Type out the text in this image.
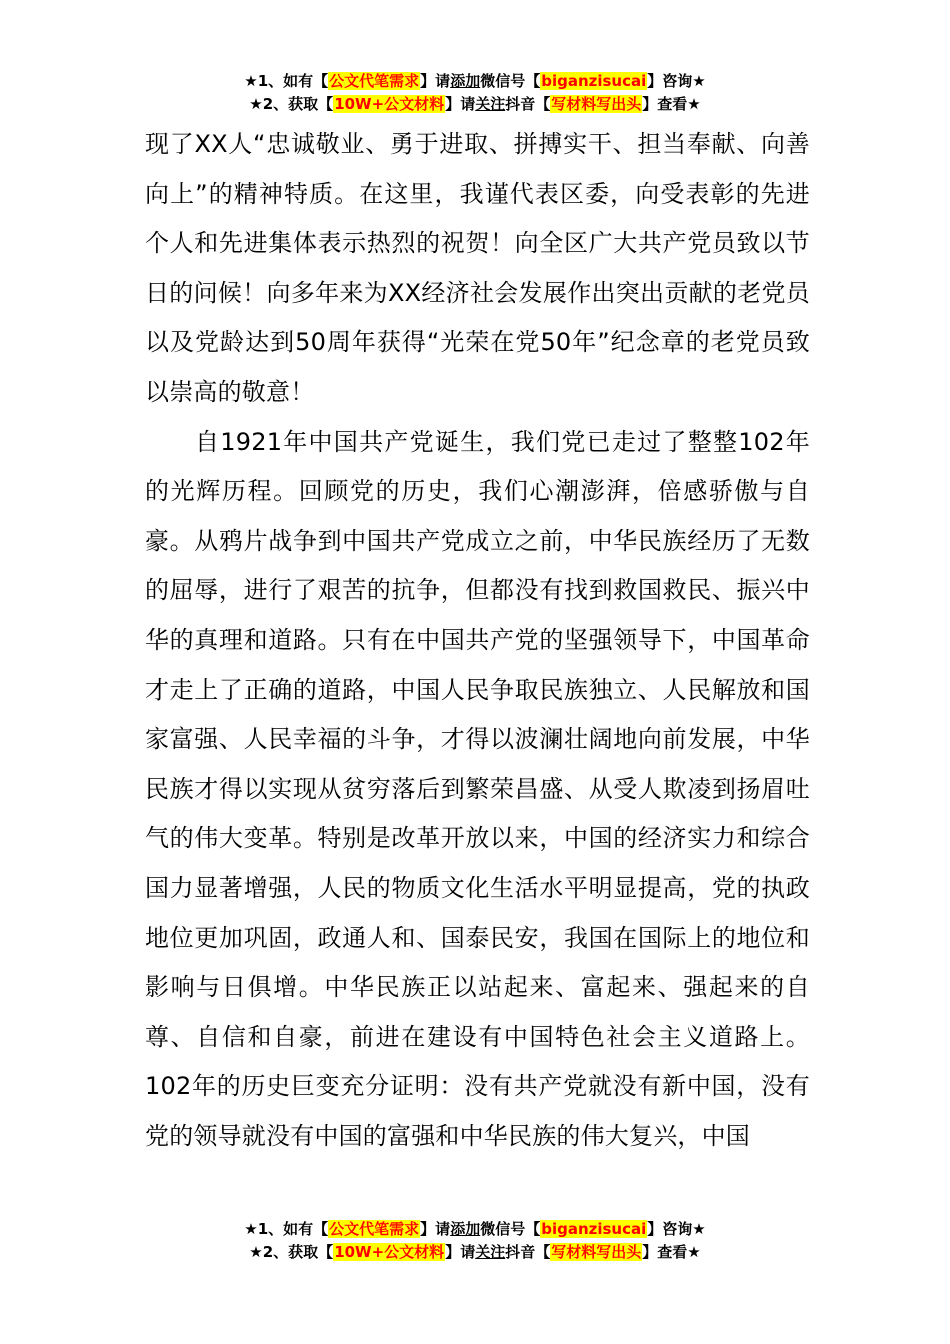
★1、如有【公文代笔需求】请添加微信号【biganzisucai】咨询★
★2、获取【10W+公文材料】请关注抖音【写材料写出头】查看★

现了XX人“忠诚敬业、勇于进取、拼搏实干、担当奉献、向善向上”的精神特质。在这里，我谨代表区委，向受表彰的先进个人和先进集体表示热烈的祝贺！向全区广大共产党员致以节日的问候！向多年来为XX经济社会发展作出突出贡献的老党员以及党龄达到50周年获得“光荣在党50年”纪念章的老党员致以崇高的敬意！

自1921年中国共产党诞生，我们党已走过了整整102年的光辉历程。回顾党的历史，我们心潮澎湃，倍感骄傲与自豪。从鸦片战争到中国共产党成立之前，中华民族经历了无数的屈辱，进行了艰苦的抗争，但都没有找到救国救民、振兴中华的真理和道路。只有在中国共产党的坚强领导下，中国革命才走上了正确的道路，中国人民争取民族独立、人民解放和国家富强、人民幸福的斗争，才得以波澜壮阔地向前发展，中华民族才得以实现从贫穷落后到繁荣昌盛、从受人欺凌到扬眉吐气的伟大变革。特别是改革开放以来，中国的经济实力和综合国力显著增强，人民的物质文化生活水平明显提高，党的执政地位更加巩固，政通人和、国泰民安，我国在国际上的地位和影响与日俱增。中华民族正以站起来、富起来、强起来的自尊、自信和自豪，前进在建设有中国特色社会主义道路上。102年的历史巨变充分证明：没有共产党就没有新中国，没有党的领导就没有中国的富强和中华民族的伟大复兴，中国

★1、如有【公文代笔需求】请添加微信号【biganzisucai】咨询★
★2、获取【10W+公文材料】请关注抖音【写材料写出头】查看★
